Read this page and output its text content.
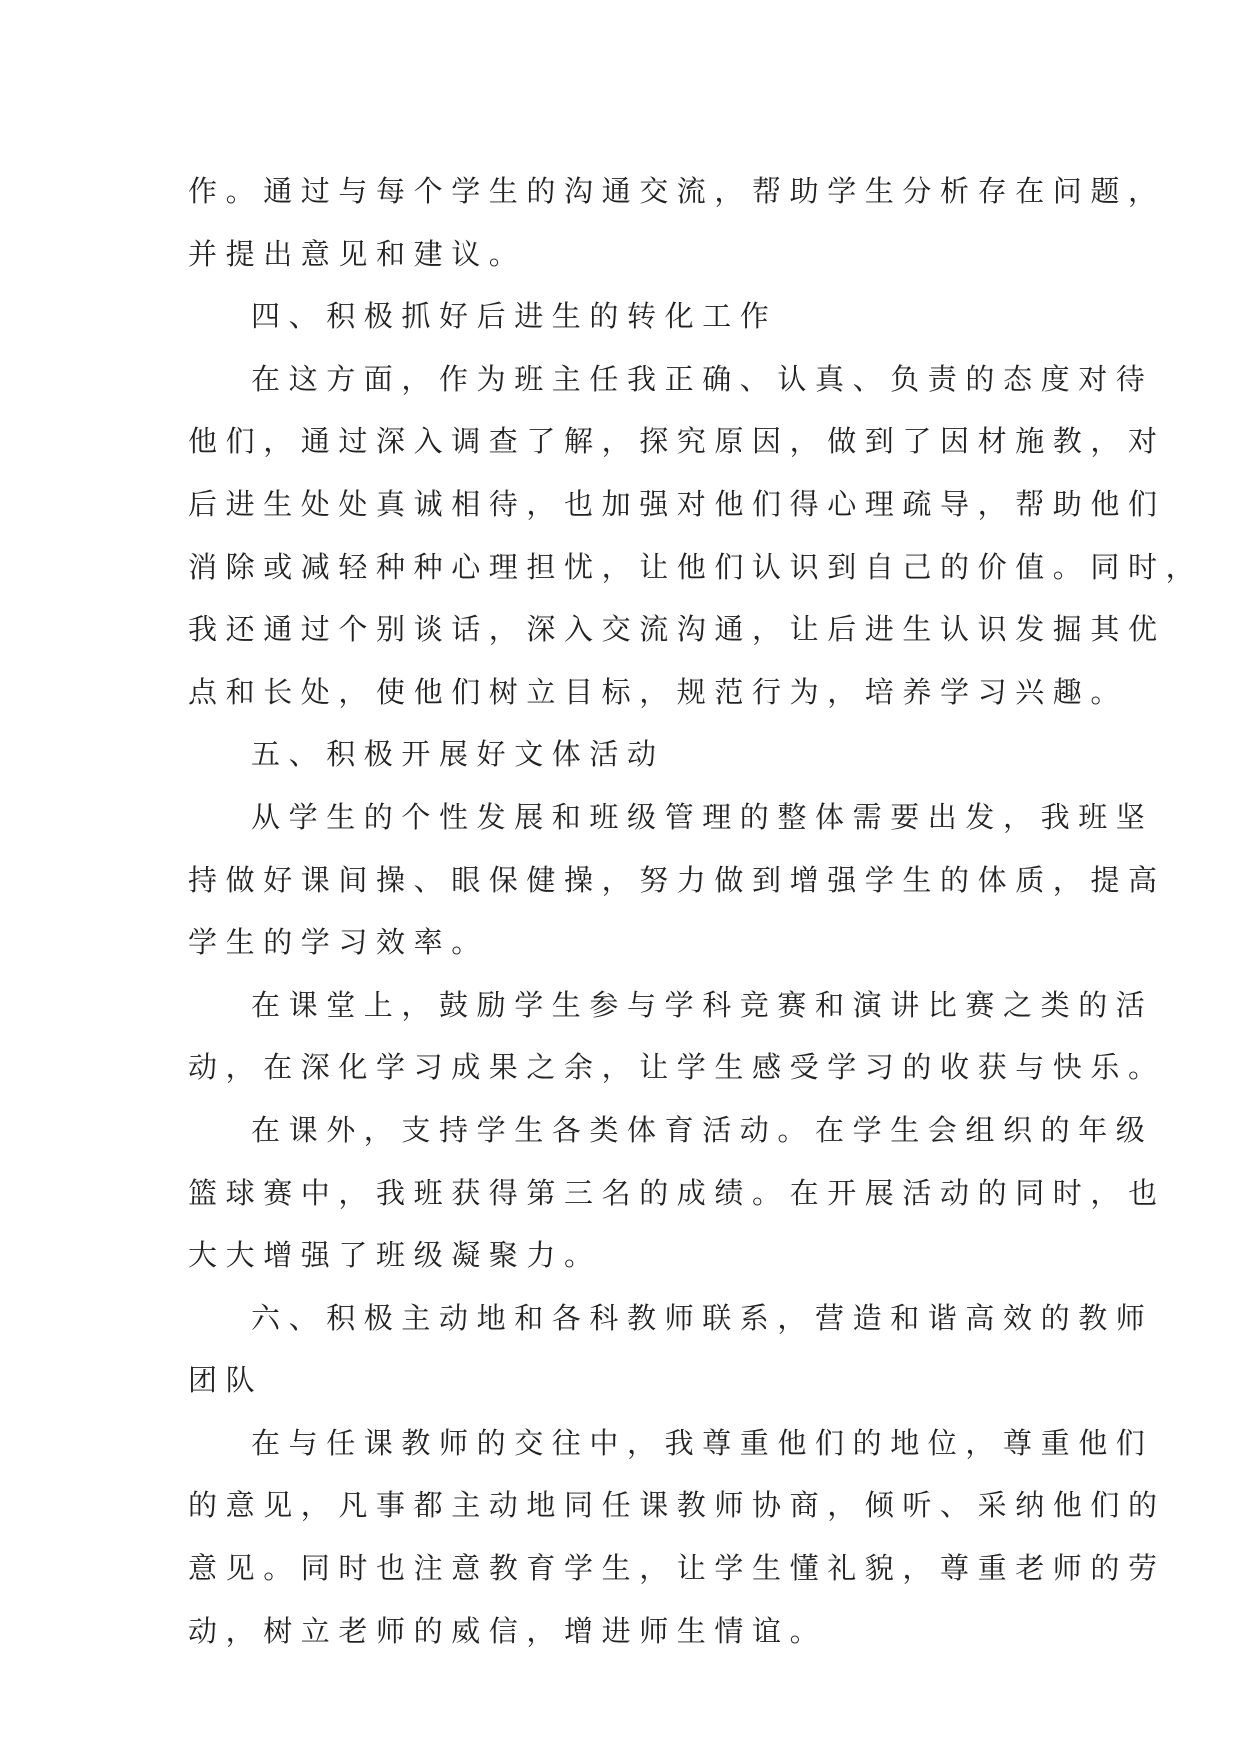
作。通过与每个学生的沟通交流，帮助学生分析存在问题，
并提出意见和建议。
四、积极抓好后进生的转化工作
在这方面，作为班主任我正确、认真、负责的态度对待
他们，通过深入调查了解，探究原因，做到了因材施教，对
后进生处处真诚相待，也加强对他们得心理疏导，帮助他们
消除或减轻种种心理担忧，让他们认识到自己的价值。同时，
我还通过个别谈话，深入交流沟通，让后进生认识发掘其优
点和长处，使他们树立目标，规范行为，培养学习兴趣。
五、积极开展好文体活动
从学生的个性发展和班级管理的整体需要出发，我班坚
持做好课间操、眼保健操，努力做到增强学生的体质，提高
学生的学习效率。
在课堂上，鼓励学生参与学科竞赛和演讲比赛之类的活
动，在深化学习成果之余，让学生感受学习的收获与快乐。
在课外，支持学生各类体育活动。在学生会组织的年级
篮球赛中，我班获得第三名的成绩。在开展活动的同时，也
大大增强了班级凝聚力。
六、积极主动地和各科教师联系，营造和谐高效的教师
团队
在与任课教师的交往中，我尊重他们的地位，尊重他们
的意见，凡事都主动地同任课教师协商，倾听、采纳他们的
意见。同时也注意教育学生，让学生懂礼貌，尊重老师的劳
动，树立老师的威信，增进师生情谊。
